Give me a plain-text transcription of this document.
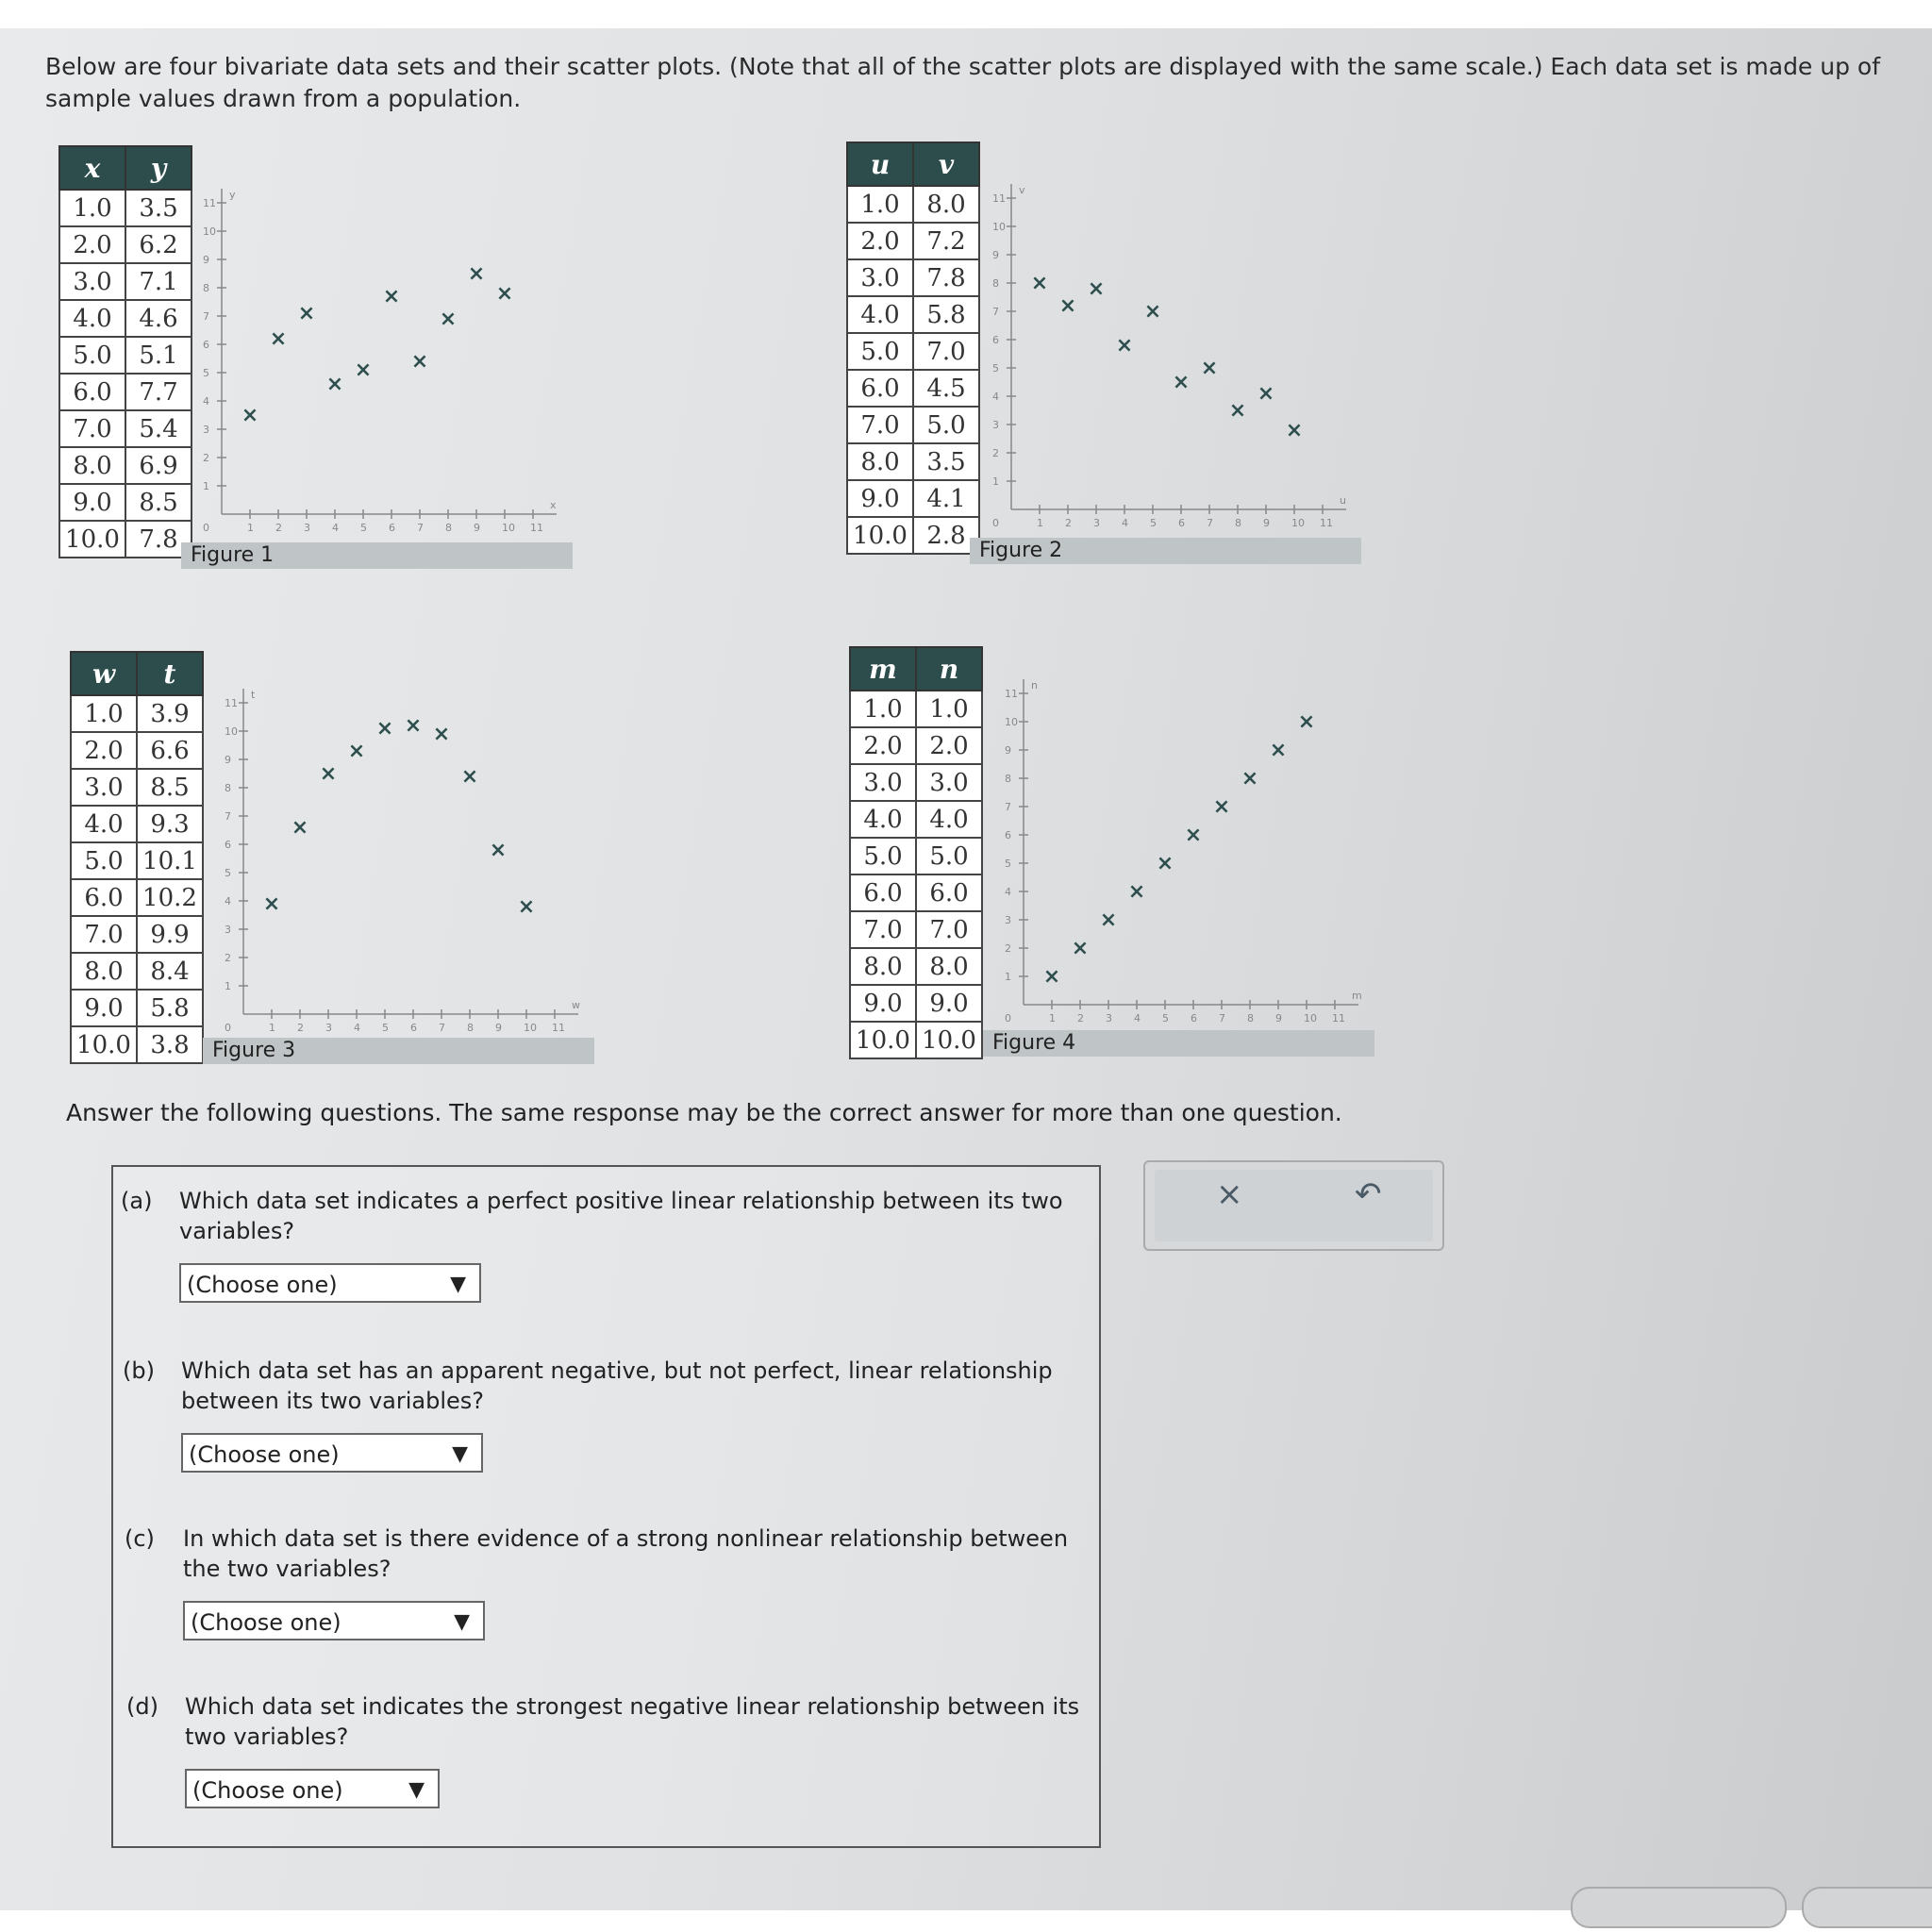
Below are four bivariate data sets and their scatter plots. (Note that all of the scatter plots are displayed with the same scale.) Each data set is made up of sample values drawn from a population.
x	y
1.0	3.5
2.0	6.2
3.0	7.1
4.0	4.6
5.0	5.1
6.0	7.7
7.0	5.4
8.0	6.9
9.0	8.5
10.0	7.8	1 2 3 4 5 6 7 8 9 10 11
1
2
3
4
5
6
7
8
9
10
11
0
x
y
×
×
×
×
×
×
×
×
×
×
Figure 1
u	v
1.0	8.0
2.0	7.2
3.0	7.8
4.0	5.8
5.0	7.0
6.0	4.5
7.0	5.0
8.0	3.5
9.0	4.1
10.0	2.8	1 2 3 4 5 6 7 8 9 10 11
1
2
3
4
5
6
7
8
9
10
11
0
u
v
×
×
×
×
×
×
×
×
×
×
Figure 2
w	t
1.0	3.9
2.0	6.6
3.0	8.5
4.0	9.3
5.0	10.1
6.0	10.2
7.0	9.9
8.0	8.4
9.0	5.8
10.0	3.8
1 2 3 4 5 6 7 8 9 10 11
1
2
3
4
5
6
7
8
9
10
11
0
w
t
×
×
×
×
× × ×
×
×
×
Figure 3
m	n
1.0	1.0
2.0	2.0
3.0	3.0
4.0	4.0
5.0	5.0
6.0	6.0
7.0	7.0
8.0	8.0
9.0	9.0
10.0	10.0
1 2 3 4 5 6 7 8 9 10 11
1
2
3
4
5
6
7
8
9
10
11
0
m
n
×
×
×
×
×
×
×
×
×
×
Figure 4
Answer the following questions. The same response may be the correct answer for more than one question.
(a) Which data set indicates a perfect positive linear relationship between its two variables?
(Choose one)	▼
(b) Which data set has an apparent negative, but not perfect, linear relationship between its two variables?
(Choose one)	▼
(c) In which data set is there evidence of a strong nonlinear relationship between the two variables?
(Choose one)	▼
(d) Which data set indicates the strongest negative linear relationship between its two variables?
(Choose one)	▼
×	↶
